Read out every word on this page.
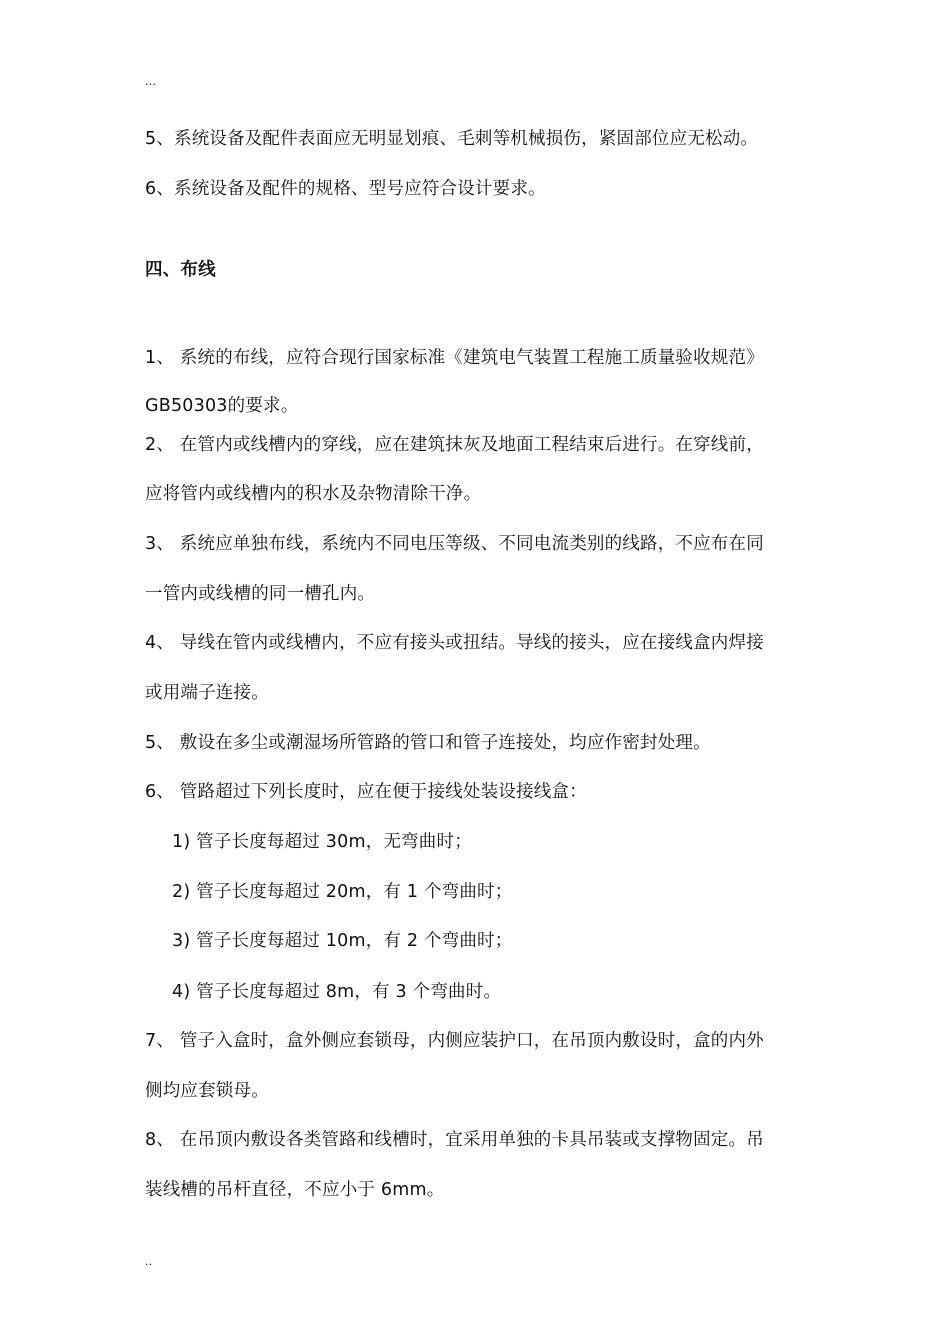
...
5、系统设备及配件表面应无明显划痕、毛刺等机械损伤，紧固部位应无松动。
6、系统设备及配件的规格、型号应符合设计要求。
四、布线
1、 系统的布线，应符合现行国家标准《建筑电气装置工程施工质量验收规范》
GB50303的要求。
2、 在管内或线槽内的穿线，应在建筑抹灰及地面工程结束后进行。在穿线前，
应将管内或线槽内的积水及杂物清除干净。
3、 系统应单独布线，系统内不同电压等级、不同电流类别的线路，不应布在同
一管内或线槽的同一槽孔内。
4、 导线在管内或线槽内，不应有接头或扭结。导线的接头，应在接线盒内焊接
或用端子连接。
5、 敷设在多尘或潮湿场所管路的管口和管子连接处，均应作密封处理。
6、 管路超过下列长度时，应在便于接线处装设接线盒：
1) 管子长度每超过 30m，无弯曲时；
2) 管子长度每超过 20m，有 1 个弯曲时；
3) 管子长度每超过 10m，有 2 个弯曲时；
4) 管子长度每超过 8m，有 3 个弯曲时。
7、 管子入盒时，盒外侧应套锁母，内侧应装护口，在吊顶内敷设时，盒的内外
侧均应套锁母。
8、 在吊顶内敷设各类管路和线槽时，宜采用单独的卡具吊装或支撑物固定。吊
装线槽的吊杆直径，不应小于 6mm。
..
